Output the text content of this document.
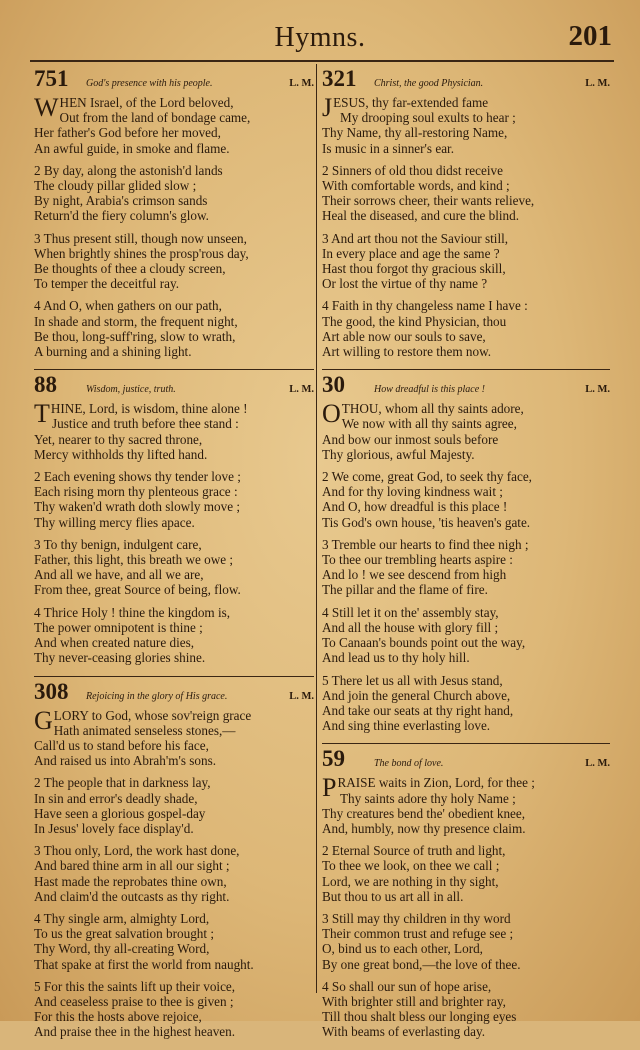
Hymns.	201
751	God's presence with his people.	L. M.
WHEN Israel, of the Lord beloved,
Out from the land of bondage came,
Her father's God before her moved,
An awful guide, in smoke and flame.
2 By day, along the astonish'd lands
The cloudy pillar glided slow ;
By night, Arabia's crimson sands
Return'd the fiery column's glow.
3 Thus present still, though now unseen,
When brightly shines the prosp'rous day,
Be thoughts of thee a cloudy screen,
To temper the deceitful ray.
4 And O, when gathers on our path,
In shade and storm, the frequent night,
Be thou, long-suff'ring, slow to wrath,
A burning and a shining light.
88	Wisdom, justice, truth.	L. M.
THINE, Lord, is wisdom, thine alone !
Justice and truth before thee stand :
Yet, nearer to thy sacred throne,
Mercy withholds thy lifted hand.
2 Each evening shows thy tender love ;
Each rising morn thy plenteous grace :
Thy waken'd wrath doth slowly move ;
Thy willing mercy flies apace.
3 To thy benign, indulgent care,
Father, this light, this breath we owe ;
And all we have, and all we are,
From thee, great Source of being, flow.
4 Thrice Holy ! thine the kingdom is,
The power omnipotent is thine ;
And when created nature dies,
Thy never-ceasing glories shine.
308	Rejoicing in the glory of His grace.	L. M.
GLORY to God, whose sov'reign grace
Hath animated senseless stones,—
Call'd us to stand before his face,
And raised us into Abrah'm's sons.
2 The people that in darkness lay,
In sin and error's deadly shade,
Have seen a glorious gospel-day
In Jesus' lovely face display'd.
3 Thou only, Lord, the work hast done,
And bared thine arm in all our sight ;
Hast made the reprobates thine own,
And claim'd the outcasts as thy right.
4 Thy single arm, almighty Lord,
To us the great salvation brought ;
Thy Word, thy all-creating Word,
That spake at first the world from naught.
5 For this the saints lift up their voice,
And ceaseless praise to thee is given ;
For this the hosts above rejoice,
And praise thee in the highest heaven.
321	Christ, the good Physician.	L. M.
JESUS, thy far-extended fame
My drooping soul exults to hear ;
Thy Name, thy all-restoring Name,
Is music in a sinner's ear.
2 Sinners of old thou didst receive
With comfortable words, and kind ;
Their sorrows cheer, their wants relieve,
Heal the diseased, and cure the blind.
3 And art thou not the Saviour still,
In every place and age the same ?
Hast thou forgot thy gracious skill,
Or lost the virtue of thy name ?
4 Faith in thy changeless name I have :
The good, the kind Physician, thou
Art able now our souls to save,
Art willing to restore them now.
30	How dreadful is this place !	L. M.
OTHOU, whom all thy saints adore,
We now with all thy saints agree,
And bow our inmost souls before
Thy glorious, awful Majesty.
2 We come, great God, to seek thy face,
And for thy loving kindness wait ;
And O, how dreadful is this place !
Tis God's own house, 'tis heaven's gate.
3 Tremble our hearts to find thee nigh ;
To thee our trembling hearts aspire :
And lo ! we see descend from high
The pillar and the flame of fire.
4 Still let it on the' assembly stay,
And all the house with glory fill ;
To Canaan's bounds point out the way,
And lead us to thy holy hill.
5 There let us all with Jesus stand,
And join the general Church above,
And take our seats at thy right hand,
And sing thine everlasting love.
59	The bond of love.	L. M.
PRAISE waits in Zion, Lord, for thee ;
Thy saints adore thy holy Name ;
Thy creatures bend the' obedient knee,
And, humbly, now thy presence claim.
2 Eternal Source of truth and light,
To thee we look, on thee we call ;
Lord, we are nothing in thy sight,
But thou to us art all in all.
3 Still may thy children in thy word
Their common trust and refuge see ;
O, bind us to each other, Lord,
By one great bond,—the love of thee.
4 So shall our sun of hope arise,
With brighter still and brighter ray,
Till thou shalt bless our longing eyes
With beams of everlasting day.
